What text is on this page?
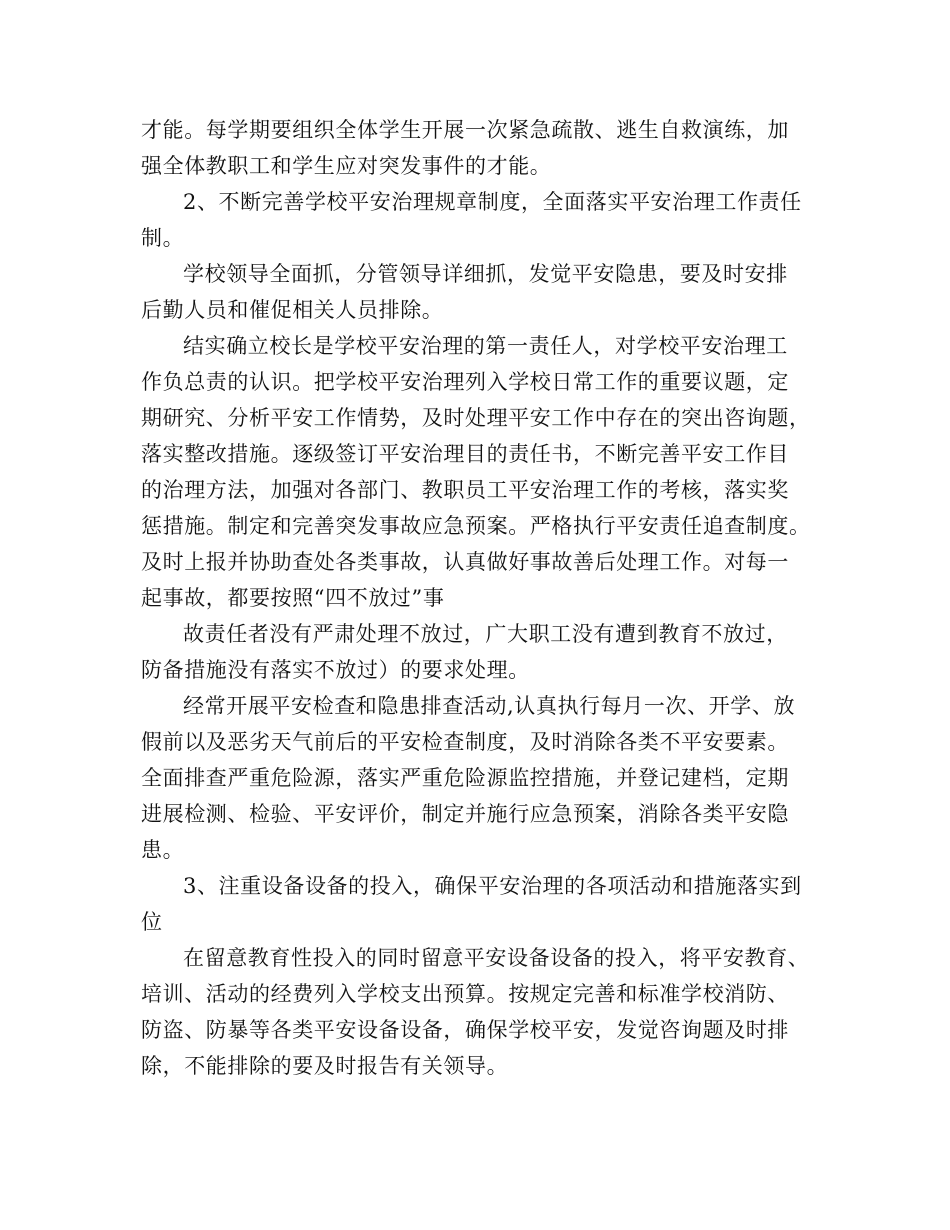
才能。每学期要组织全体学生开展一次紧急疏散、逃生自救演练，加
强全体教职工和学生应对突发事件的才能。
2、不断完善学校平安治理规章制度，全面落实平安治理工作责任
制。
学校领导全面抓，分管领导详细抓，发觉平安隐患，要及时安排
后勤人员和催促相关人员排除。
结实确立校长是学校平安治理的第一责任人，对学校平安治理工
作负总责的认识。把学校平安治理列入学校日常工作的重要议题，定
期研究、分析平安工作情势，及时处理平安工作中存在的突出咨询题，
落实整改措施。逐级签订平安治理目的责任书，不断完善平安工作目
的治理方法，加强对各部门、教职员工平安治理工作的考核，落实奖
惩措施。制定和完善突发事故应急预案。严格执行平安责任追查制度。
及时上报并协助查处各类事故，认真做好事故善后处理工作。对每一
起事故，都要按照“四不放过”事
故责任者没有严肃处理不放过，广大职工没有遭到教育不放过，
防备措施没有落实不放过）的要求处理。
经常开展平安检查和隐患排查活动,认真执行每月一次、开学、放
假前以及恶劣天气前后的平安检查制度，及时消除各类不平安要素。
全面排查严重危险源，落实严重危险源监控措施，并登记建档，定期
进展检测、检验、平安评价，制定并施行应急预案，消除各类平安隐
患。
3、注重设备设备的投入，确保平安治理的各项活动和措施落实到
位
在留意教育性投入的同时留意平安设备设备的投入，将平安教育、
培训、活动的经费列入学校支出预算。按规定完善和标准学校消防、
防盗、防暴等各类平安设备设备，确保学校平安，发觉咨询题及时排
除，不能排除的要及时报告有关领导。
